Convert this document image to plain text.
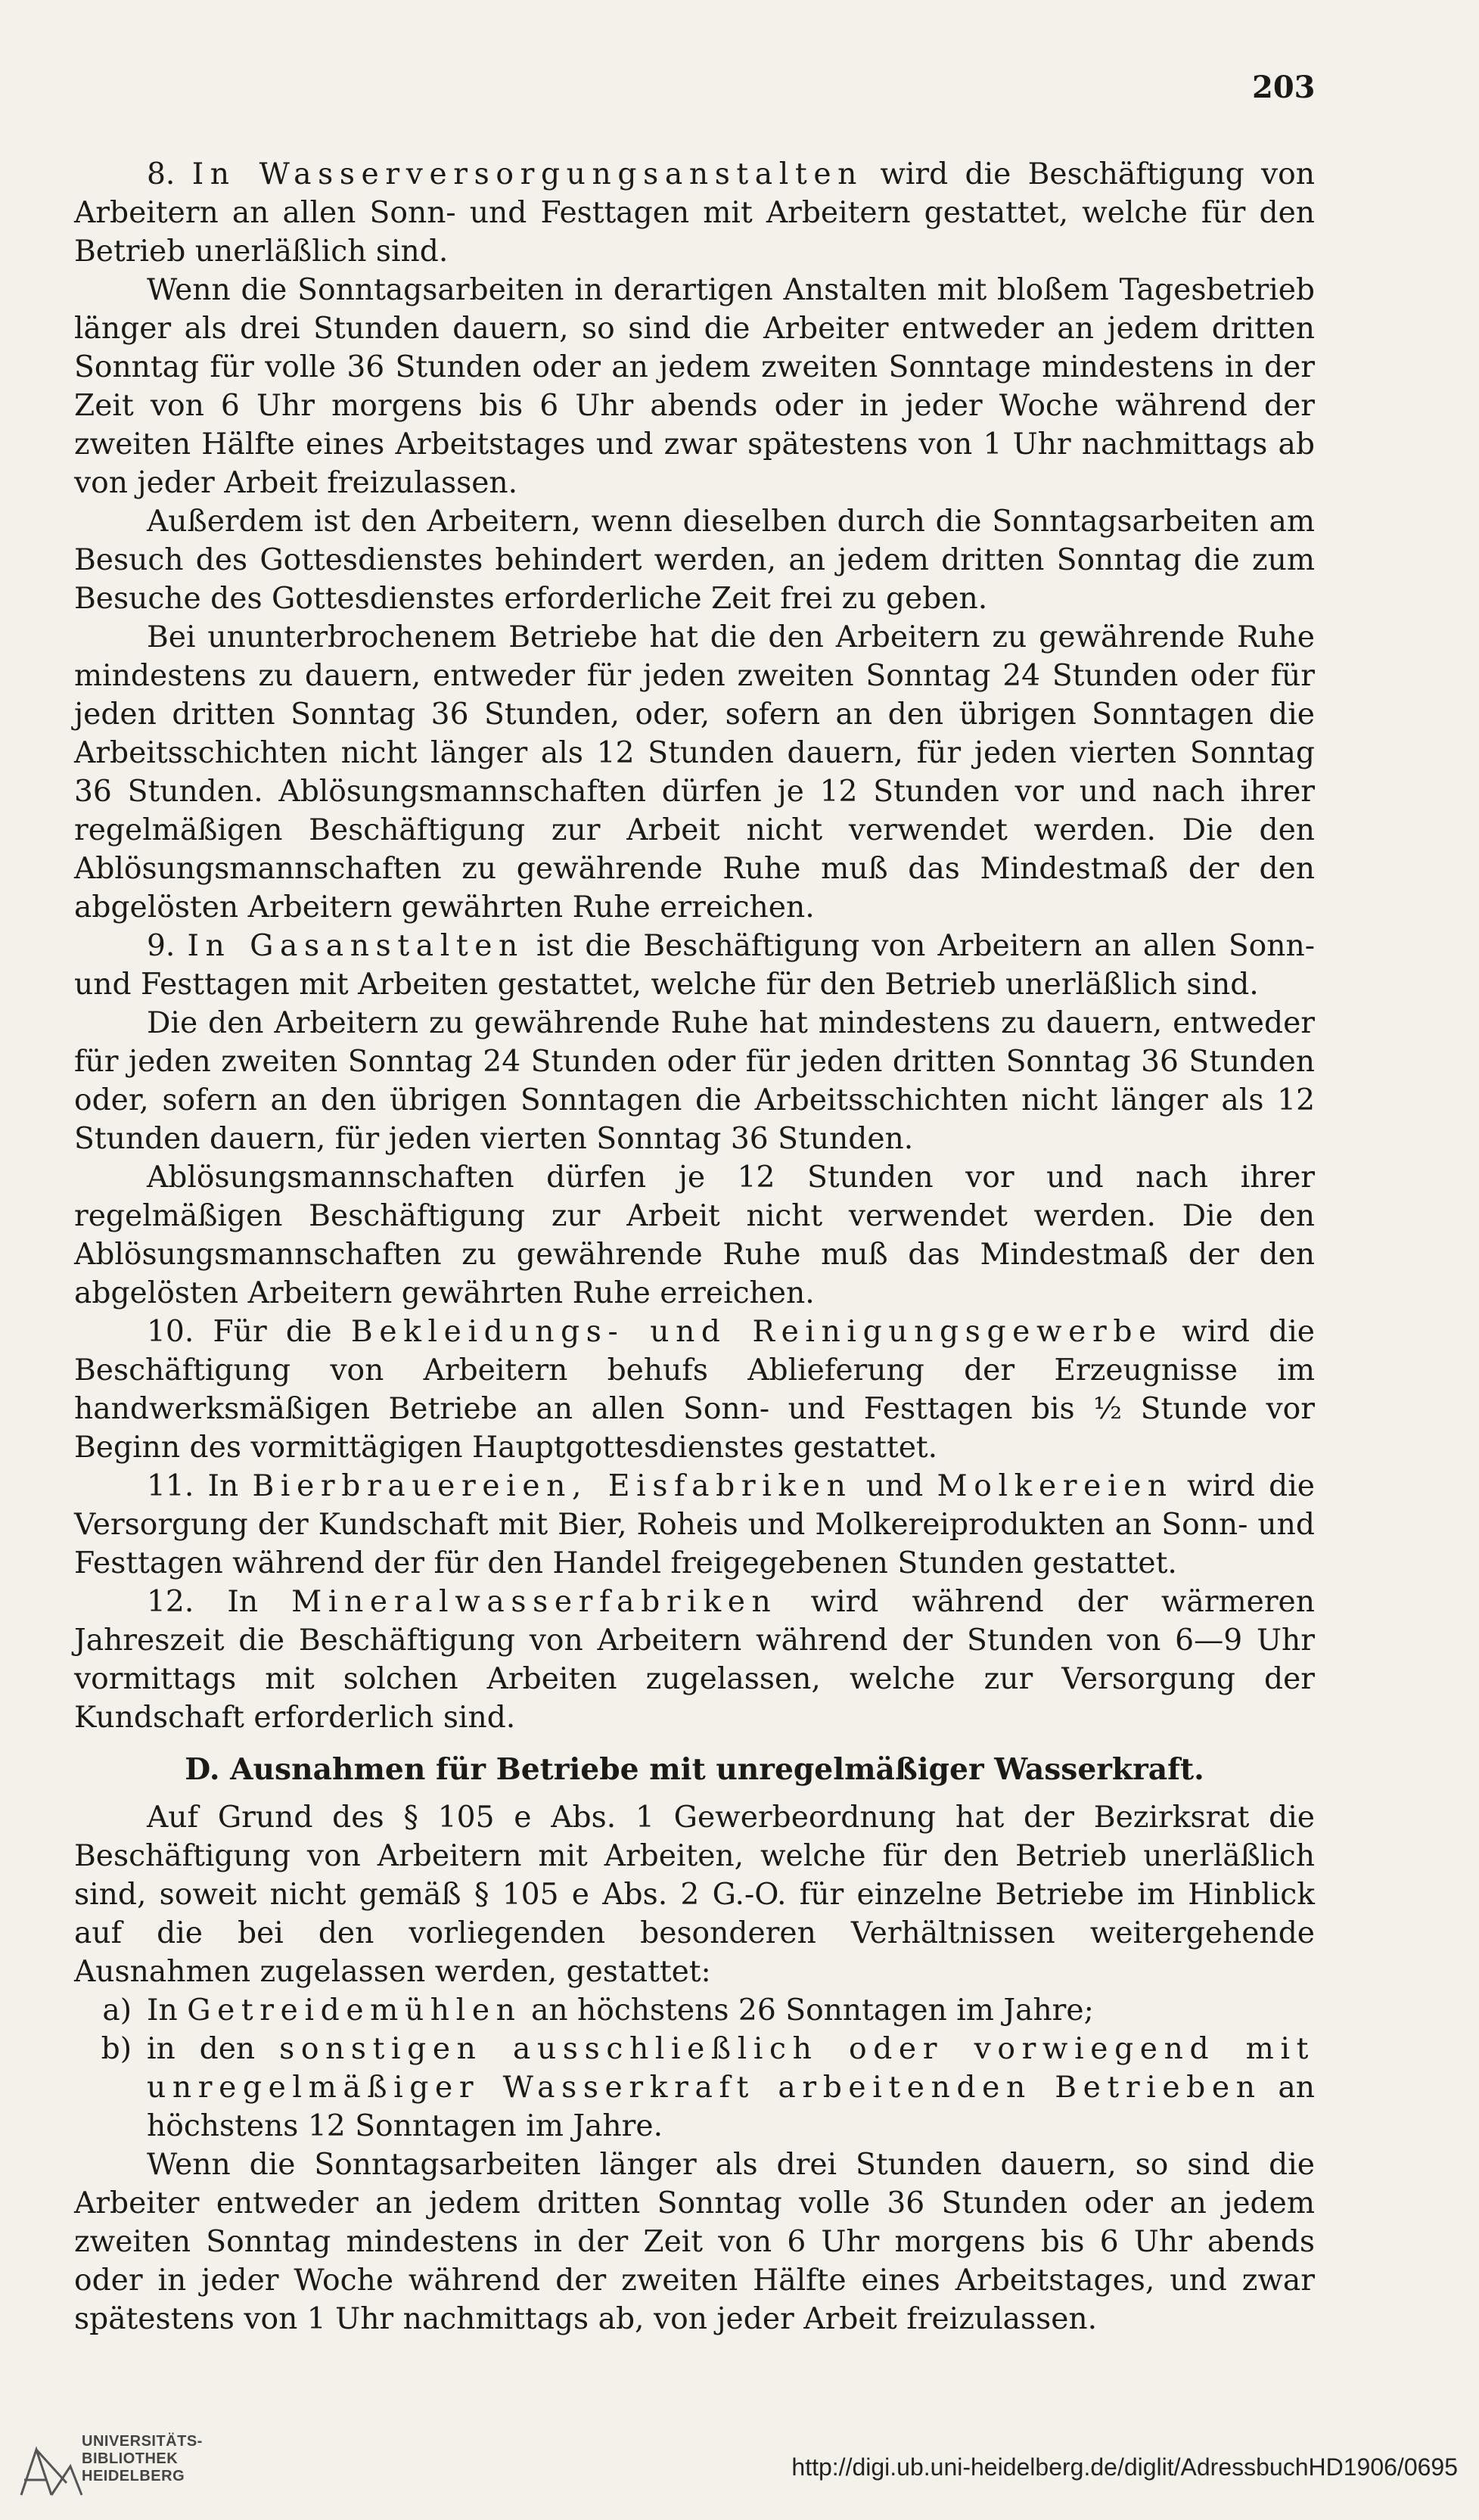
203

8. In Wasserversorgungsanstalten wird die Beschäftigung von Arbeitern an allen Sonn- und Festtagen mit Arbeitern gestattet, welche für den Betrieb unerläßlich sind.

Wenn die Sonntagsarbeiten in derartigen Anstalten mit bloßem Tagesbetrieb länger als drei Stunden dauern, so sind die Arbeiter entweder an jedem dritten Sonntag für volle 36 Stunden oder an jedem zweiten Sonntage mindestens in der Zeit von 6 Uhr morgens bis 6 Uhr abends oder in jeder Woche während der zweiten Hälfte eines Arbeitstages und zwar spätestens von 1 Uhr nachmittags ab von jeder Arbeit freizulassen.

Außerdem ist den Arbeitern, wenn dieselben durch die Sonntagsarbeiten am Besuch des Gottesdienstes behindert werden, an jedem dritten Sonntag die zum Besuche des Gottesdienstes erforderliche Zeit frei zu geben.

Bei ununterbrochenem Betriebe hat die den Arbeitern zu gewährende Ruhe mindestens zu dauern, entweder für jeden zweiten Sonntag 24 Stunden oder für jeden dritten Sonntag 36 Stunden, oder, sofern an den übrigen Sonntagen die Arbeitsschichten nicht länger als 12 Stunden dauern, für jeden vierten Sonntag 36 Stunden. Ablösungsmannschaften dürfen je 12 Stunden vor und nach ihrer regelmäßigen Beschäftigung zur Arbeit nicht verwendet werden. Die den Ablösungsmannschaften zu gewährende Ruhe muß das Mindestmaß der den abgelösten Arbeitern gewährten Ruhe erreichen.

9. In Gasanstalten ist die Beschäftigung von Arbeitern an allen Sonn- und Festtagen mit Arbeiten gestattet, welche für den Betrieb unerläßlich sind.

Die den Arbeitern zu gewährende Ruhe hat mindestens zu dauern, entweder für jeden zweiten Sonntag 24 Stunden oder für jeden dritten Sonntag 36 Stunden oder, sofern an den übrigen Sonntagen die Arbeitsschichten nicht länger als 12 Stunden dauern, für jeden vierten Sonntag 36 Stunden.

Ablösungsmannschaften dürfen je 12 Stunden vor und nach ihrer regelmäßigen Beschäftigung zur Arbeit nicht verwendet werden. Die den Ablösungsmannschaften zu gewährende Ruhe muß das Mindestmaß der den abgelösten Arbeitern gewährten Ruhe erreichen.

10. Für die Bekleidungs- und Reinigungsgewerbe wird die Beschäftigung von Arbeitern behufs Ablieferung der Erzeugnisse im handwerksmäßigen Betriebe an allen Sonn- und Festtagen bis ½ Stunde vor Beginn des vormittägigen Hauptgottesdienstes gestattet.

11. In Bierbrauereien, Eisfabriken und Molkereien wird die Versorgung der Kundschaft mit Bier, Roheis und Molkereiprodukten an Sonn- und Festtagen während der für den Handel freigegebenen Stunden gestattet.

12. In Mineralwasserfabriken wird während der wärmeren Jahreszeit die Beschäftigung von Arbeitern während der Stunden von 6—9 Uhr vormittags mit solchen Arbeiten zugelassen, welche zur Versorgung der Kundschaft erforderlich sind.

D. Ausnahmen für Betriebe mit unregelmäßiger Wasserkraft.

Auf Grund des § 105 e Abs. 1 Gewerbeordnung hat der Bezirksrat die Beschäftigung von Arbeitern mit Arbeiten, welche für den Betrieb unerläßlich sind, soweit nicht gemäß § 105 e Abs. 2 G.-O. für einzelne Betriebe im Hinblick auf die bei den vorliegenden besonderen Verhältnissen weitergehende Ausnahmen zugelassen werden, gestattet:

a) In Getreidemühlen an höchstens 26 Sonntagen im Jahre;
b) in den sonstigen ausschließlich oder vorwiegend mit unregelmäßiger Wasserkraft arbeitenden Betrieben an höchstens 12 Sonntagen im Jahre.

Wenn die Sonntagsarbeiten länger als drei Stunden dauern, so sind die Arbeiter entweder an jedem dritten Sonntag volle 36 Stunden oder an jedem zweiten Sonntag mindestens in der Zeit von 6 Uhr morgens bis 6 Uhr abends oder in jeder Woche während der zweiten Hälfte eines Arbeitstages, und zwar spätestens von 1 Uhr nachmittags ab, von jeder Arbeit freizulassen.

UNIVERSITÄTS-
BIBLIOTHEK
HEIDELBERG	http://digi.ub.uni-heidelberg.de/diglit/AdressbuchHD1906/0695
